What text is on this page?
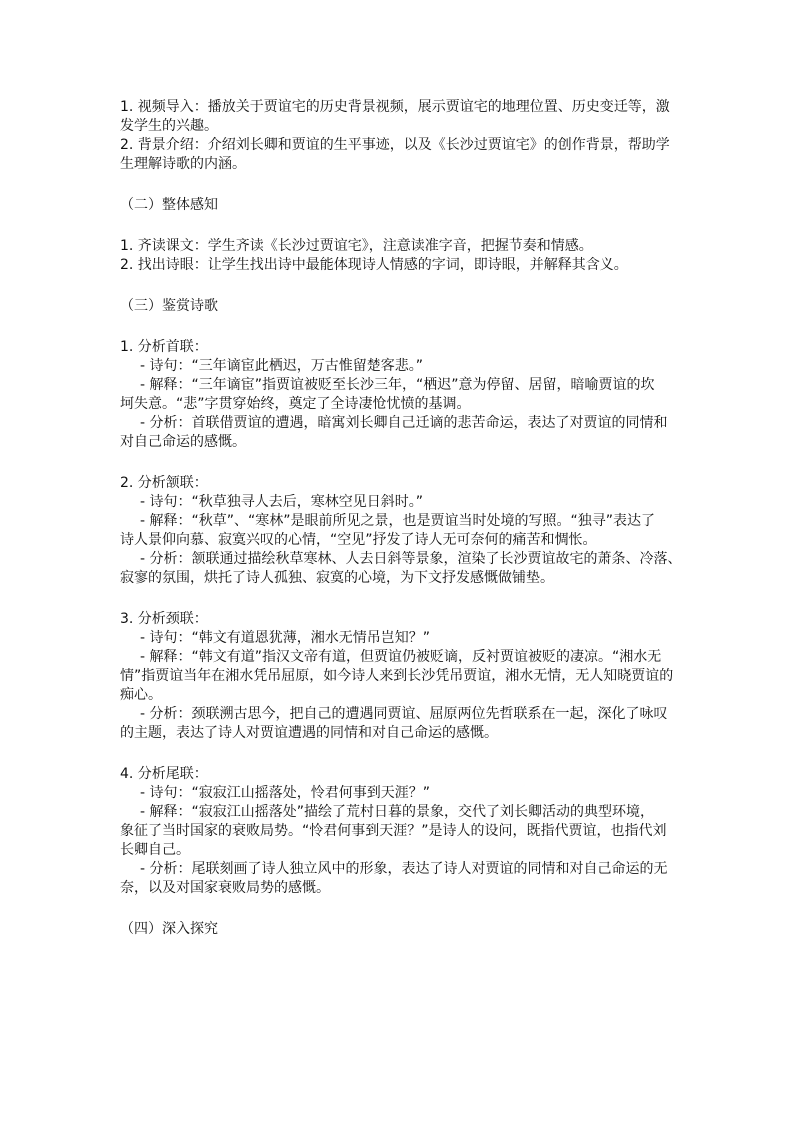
1. 视频导入：播放关于贾谊宅的历史背景视频，展示贾谊宅的地理位置、历史变迁等，激
发学生的兴趣。
2. 背景介绍：介绍刘长卿和贾谊的生平事迹，以及《长沙过贾谊宅》的创作背景，帮助学
生理解诗歌的内涵。
（二）整体感知
1. 齐读课文：学生齐读《长沙过贾谊宅》，注意读准字音，把握节奏和情感。
2. 找出诗眼：让学生找出诗中最能体现诗人情感的字词，即诗眼，并解释其含义。
（三）鉴赏诗歌
1. 分析首联：
- 诗句：“三年谪宦此栖迟，万古惟留楚客悲。”
- 解释：“三年谪宦”指贾谊被贬至长沙三年，“栖迟”意为停留、居留，暗喻贾谊的坎
坷失意。“悲”字贯穿始终，奠定了全诗凄怆忧愤的基调。
- 分析：首联借贾谊的遭遇，暗寓刘长卿自己迁谪的悲苦命运，表达了对贾谊的同情和
对自己命运的感慨。
2. 分析颔联：
- 诗句：“秋草独寻人去后，寒林空见日斜时。”
- 解释：“秋草”、“寒林”是眼前所见之景，也是贾谊当时处境的写照。“独寻”表达了
诗人景仰向慕、寂寞兴叹的心情，“空见”抒发了诗人无可奈何的痛苦和惆怅。
- 分析：颔联通过描绘秋草寒林、人去日斜等景象，渲染了长沙贾谊故宅的萧条、冷落、
寂寥的氛围，烘托了诗人孤独、寂寞的心境，为下文抒发感慨做铺垫。
3. 分析颈联：
- 诗句：“韩文有道恩犹薄，湘水无情吊岂知？”
- 解释：“韩文有道”指汉文帝有道，但贾谊仍被贬谪，反衬贾谊被贬的凄凉。“湘水无
情”指贾谊当年在湘水凭吊屈原，如今诗人来到长沙凭吊贾谊，湘水无情，无人知晓贾谊的
痴心。
- 分析：颈联溯古思今，把自己的遭遇同贾谊、屈原两位先哲联系在一起，深化了咏叹
的主题，表达了诗人对贾谊遭遇的同情和对自己命运的感慨。
4. 分析尾联：
- 诗句：“寂寂江山摇落处，怜君何事到天涯？”
- 解释：“寂寂江山摇落处”描绘了荒村日暮的景象，交代了刘长卿活动的典型环境，
象征了当时国家的衰败局势。“怜君何事到天涯？”是诗人的设问，既指代贾谊，也指代刘
长卿自己。
- 分析：尾联刻画了诗人独立风中的形象，表达了诗人对贾谊的同情和对自己命运的无
奈，以及对国家衰败局势的感慨。
（四）深入探究
